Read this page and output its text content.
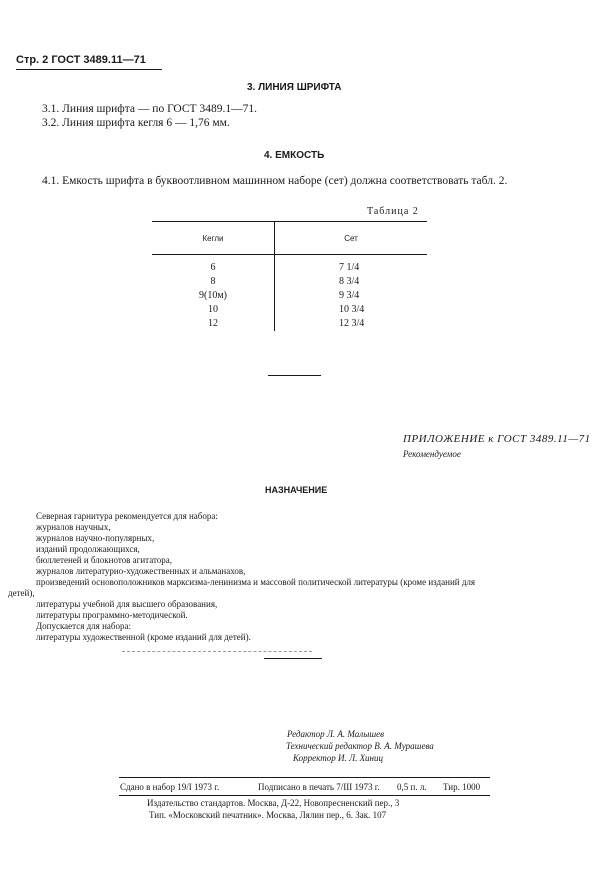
Стр. 2 ГОСТ 3489.11—71
3. ЛИНИЯ ШРИФТА
3.1. Линия шрифта — по ГОСТ 3489.1—71.
3.2. Линия шрифта кегля 6 — 1,76 мм.
4. ЕМКОСТЬ
4.1. Емкость шрифта в буквоотливном машинном наборе (сет) должна соответствовать табл. 2.
Таблица 2
Кегли	Сет
6	7 1/4
8	8 3/4
9(10м)	9 3/4
10	10 3/4
12	12 3/4
ПРИЛОЖЕНИЕ к ГОСТ 3489.11—71
Рекомендуемое
НАЗНАЧЕНИЕ
Северная гарнитура рекомендуется для набора:
журналов научных,
журналов научно-популярных,
изданий продолжающихся,
бюллетеней и блокнотов агитатора,
журналов литературно-художественных и альманахов,
произведений основоположников марксизма-ленинизма и массовой политической литературы (кроме изданий для
детей),
литературы учебной для высшего образования,
литературы программно-методической.
Допускается для набора:
литературы художественной (кроме изданий для детей).
Редактор Л. А. Малышев
Технический редактор В. А. Мурашева
Корректор И. Л. Хиниц
Сдано в набор 19/I 1973 г.	Подписано в печать 7/III 1973 г. 0,5 п. л. Тир. 1000
Издательство стандартов. Москва, Д-22, Новопресненский пер., 3
Тип. «Московский печатник». Москва, Лялин пер., 6. Зак. 107
